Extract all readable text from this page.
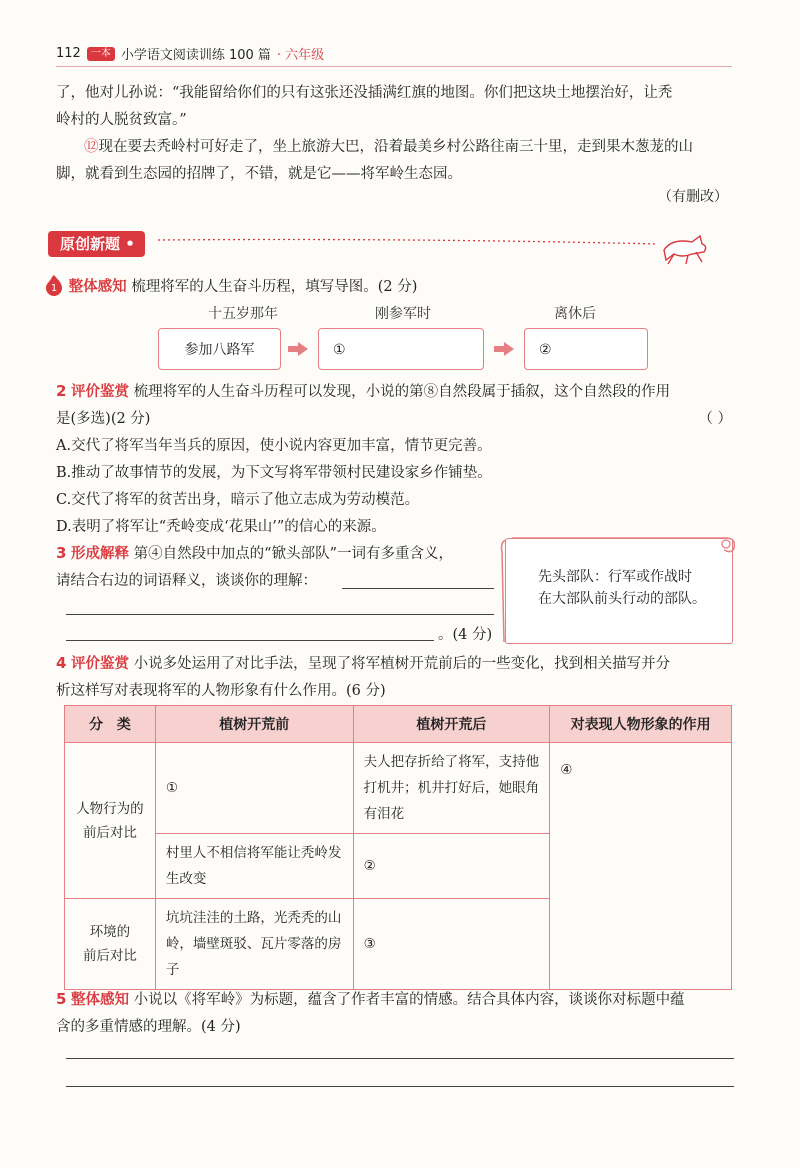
112	一本 小学语文阅读训练 100 篇 · 六年级
了，他对儿孙说：“我能留给你们的只有这张还没插满红旗的地图。你们把这块土地摆治好，让秃
岭村的人脱贫致富。”
⑫现在要去秃岭村可好走了，坐上旅游大巴，沿着最美乡村公路往南三十里，走到果木葱茏的山
脚，就看到生态园的招牌了，不错，就是它——将军岭生态园。
（有删改）
原创新题 •
1 整体感知 梳理将军的人生奋斗历程，填写导图。(2 分)
十五岁那年	刚参军时	离休后
参加八路军	①	②
2 评价鉴赏 梳理将军的人生奋斗历程可以发现，小说的第⑧自然段属于插叙，这个自然段的作用
是(多选)(2 分)	（ ）
A.交代了将军当年当兵的原因，使小说内容更加丰富，情节更完善。
B.推动了故事情节的发展，为下文写将军带领村民建设家乡作铺垫。
C.交代了将军的贫苦出身，暗示了他立志成为劳动模范。
D.表明了将军让“秃岭变成‘花果山’”的信心的来源。
3 形成解释 第④自然段中加点的“锨头部队”一词有多重含义，
请结合右边的词语释义，谈谈你的理解：
。(4 分)
先头部队：行军或作战时
在大部队前头行动的部队。
4 评价鉴赏 小说多处运用了对比手法，呈现了将军植树开荒前后的一些变化，找到相关描写并分
析这样写对表现将军的人物形象有什么作用。(6 分)
分　类	植树开荒前	植树开荒后	对表现人物形象的作用
人物行为的
前后对比	①	夫人把存折给了将军，支持他打机井；机井打好后，她眼角有泪花	④
	村里人不相信将军能让秃岭发生改变	②	
环境的
前后对比	坑坑洼洼的土路，光秃秃的山岭，墙壁斑驳、瓦片零落的房子	③	
5 整体感知 小说以《将军岭》为标题，蕴含了作者丰富的情感。结合具体内容，谈谈你对标题中蕴
含的多重情感的理解。(4 分)
